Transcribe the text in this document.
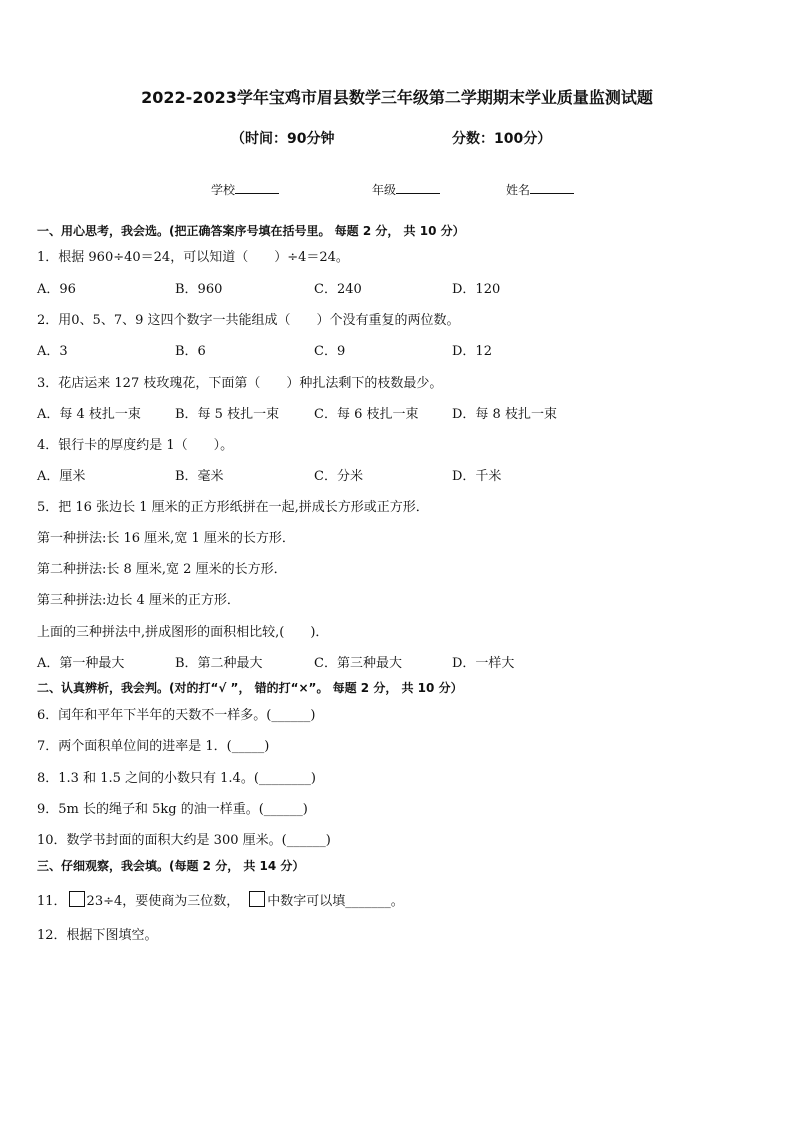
2022-2023学年宝鸡市眉县数学三年级第二学期期末学业质量监测试题
（时间：90分钟	分数：100分）
学校	年级	姓名
一、用心思考，我会选。(把正确答案序号填在括号里。 每题 2 分， 共 10 分）
1．根据 960÷40＝24，可以知道（　　）÷4＝24。
A．96	B．960	C．240	D．120
2．用0、5、7、9 这四个数字一共能组成（　　）个没有重复的两位数。
A．3	B．6	C．9	D．12
3．花店运来 127 枝玫瑰花，下面第（　　）种扎法剩下的枝数最少。
A．每 4 枝扎一束	B．每 5 枝扎一束	C．每 6 枝扎一束	D．每 8 枝扎一束
4．银行卡的厚度约是 1（　　）。
A．厘米	B．毫米	C．分米	D．千米
5．把 16 张边长 1 厘米的正方形纸拼在一起,拼成长方形或正方形．
第一种拼法:长 16 厘米,宽 1 厘米的长方形．
第二种拼法:长 8 厘米,宽 2 厘米的长方形．
第三种拼法:边长 4 厘米的正方形．
上面的三种拼法中,拼成图形的面积相比较,(　　)．
A．第一种最大	B．第二种最大	C．第三种最大	D．一样大
二、认真辨析，我会判。(对的打“√ ”， 错的打“×”。 每题 2 分， 共 10 分）
6．闰年和平年下半年的天数不一样多。(______)
7．两个面积单位间的进率是 1．(_____)
8．1.3 和 1.5 之间的小数只有 1.4。(________)
9．5m 长的绳子和 5kg 的油一样重。(______)
10．数学书封面的面积大约是 300 厘米。(______)
三、仔细观察，我会填。(每题 2 分， 共 14 分）
11． 23÷4，要使商为三位数， 中数字可以填_______。
12．根据下图填空。
